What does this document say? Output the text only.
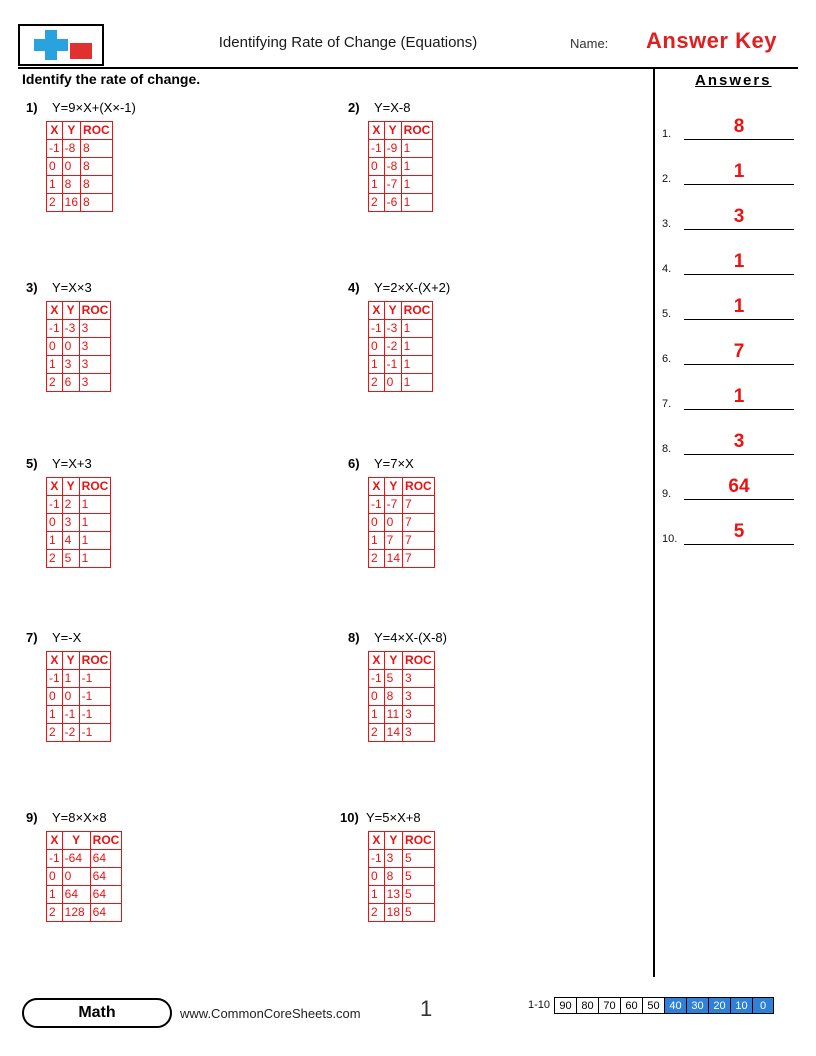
Identifying Rate of Change (Equations)	Name: Answer Key
Identify the rate of change.
1) Y=9×X+(X×-1)
X	Y	ROC
-1	-8	8
0	0	8
1	8	8
2	16	8
2) Y=X-8
X	Y	ROC
-1	-9	1
0	-8	1
1	-7	1
2	-6	1
3) Y=X×3
X	Y	ROC
-1	-3	3
0	0	3
1	3	3
2	6	3
4) Y=2×X-(X+2)
X	Y	ROC
-1	-3	1
0	-2	1
1	-1	1
2	0	1
5) Y=X+3
X	Y	ROC
-1	2	1
0	3	1
1	4	1
2	5	1
6) Y=7×X
X	Y	ROC
-1	-7	7
0	0	7
1	7	7
2	14	7
7) Y=-X
X	Y	ROC
-1	1	-1
0	0	-1
1	-1	-1
2	-2	-1
8) Y=4×X-(X-8)
X	Y	ROC
-1	5	3
0	8	3
1	11	3
2	14	3
9) Y=8×X×8
X	Y	ROC
-1	-64	64
0	0	64
1	64	64
2	128	64
10) Y=5×X+8
X	Y	ROC
-1	3	5
0	8	5
1	13	5
2	18	5
Answers
1.	8
2.	1
3.	3
4.	1
5.	1
6.	7
7.	1
8.	3
9.	64
10.	5
Math	www.CommonCoreSheets.com	1	1-10 90 80 70 60 50 40 30 20 10	0
